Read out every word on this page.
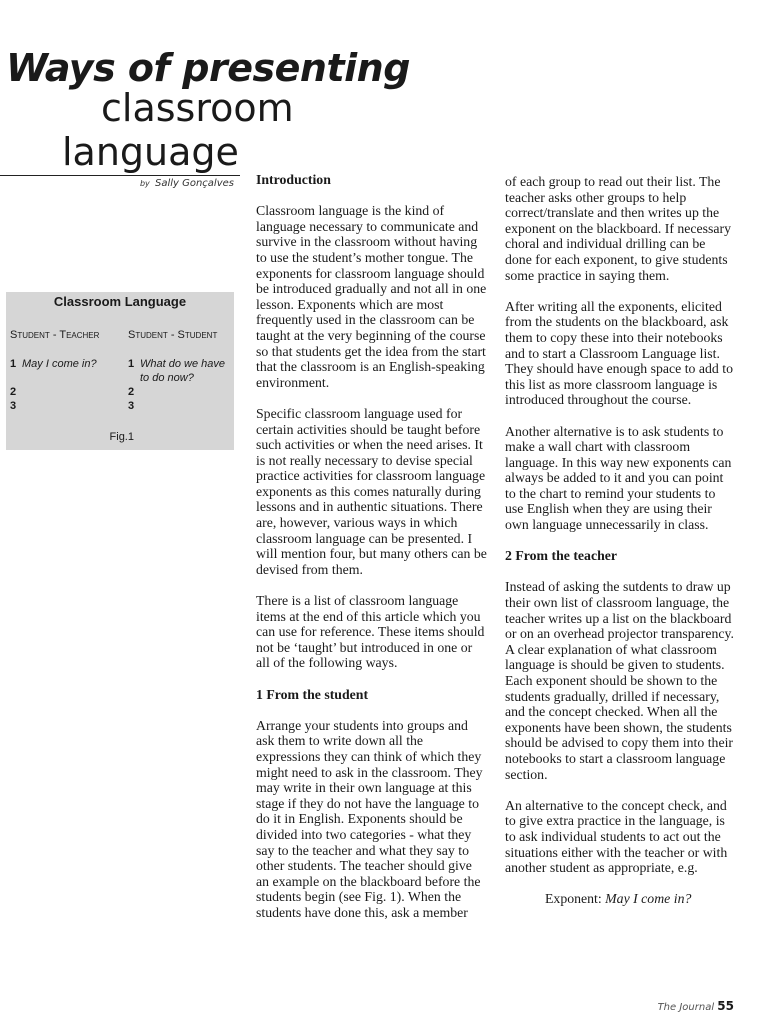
Ways of presenting
classroom
language
by Sally Gonçalves
Classroom Language
Student - Teacher	Student - Student
1 May I come in?
2
3
1 What do we have to do now?
2
3
Fig.1
Introduction

Classroom language is the kind of language necessary to communicate and survive in the classroom without having to use the student’s mother tongue. The exponents for classroom language should be introduced gradually and not all in one lesson. Exponents which are most frequently used in the classroom can be taught at the very beginning of the course so that students get the idea from the start that the classroom is an English-speaking environment.

Specific classroom language used for certain activities should be taught before such activities or when the need arises. It is not really necessary to devise special practice activities for classroom language exponents as this comes naturally during lessons and in authentic situations. There are, however, various ways in which classroom language can be presented. I will mention four, but many others can be devised from them.

There is a list of classroom language items at the end of this article which you can use for reference. These items should not be ‘taught’ but introduced in one or all of the following ways.

1 From the student

Arrange your students into groups and ask them to write down all the expressions they can think of which they might need to ask in the classroom. They may write in their own language at this stage if they do not have the language to do it in English. Exponents should be divided into two categories - what they say to the teacher and what they say to other students. The teacher should give an example on the blackboard before the students begin (see Fig. 1). When the students have done this, ask a member

of each group to read out their list. The teacher asks other groups to help correct/translate and then writes up the exponent on the blackboard. If necessary choral and individual drilling can be done for each exponent, to give students some practice in saying them.

After writing all the exponents, elicited from the students on the blackboard, ask them to copy these into their notebooks and to start a Classroom Language list. They should have enough space to add to this list as more classroom language is introduced throughout the course.

Another alternative is to ask students to make a wall chart with classroom language. In this way new exponents can always be added to it and you can point to the chart to remind your students to use English when they are using their own language unnecessarily in class.

2 From the teacher

Instead of asking the sutdents to draw up their own list of classroom language, the teacher writes up a list on the blackboard or on an overhead projector transparency. A clear explanation of what classroom language is should be given to students. Each exponent should be shown to the students gradually, drilled if necessary, and the concept checked. When all the exponents have been shown, the students should be advised to copy them into their notebooks to start a classroom language section.

An alternative to the concept check, and to give extra practice in the language, is to ask individual students to act out the situations either with the teacher or with another student as appropriate, e.g.

Exponent: May I come in?

The Journal 55
